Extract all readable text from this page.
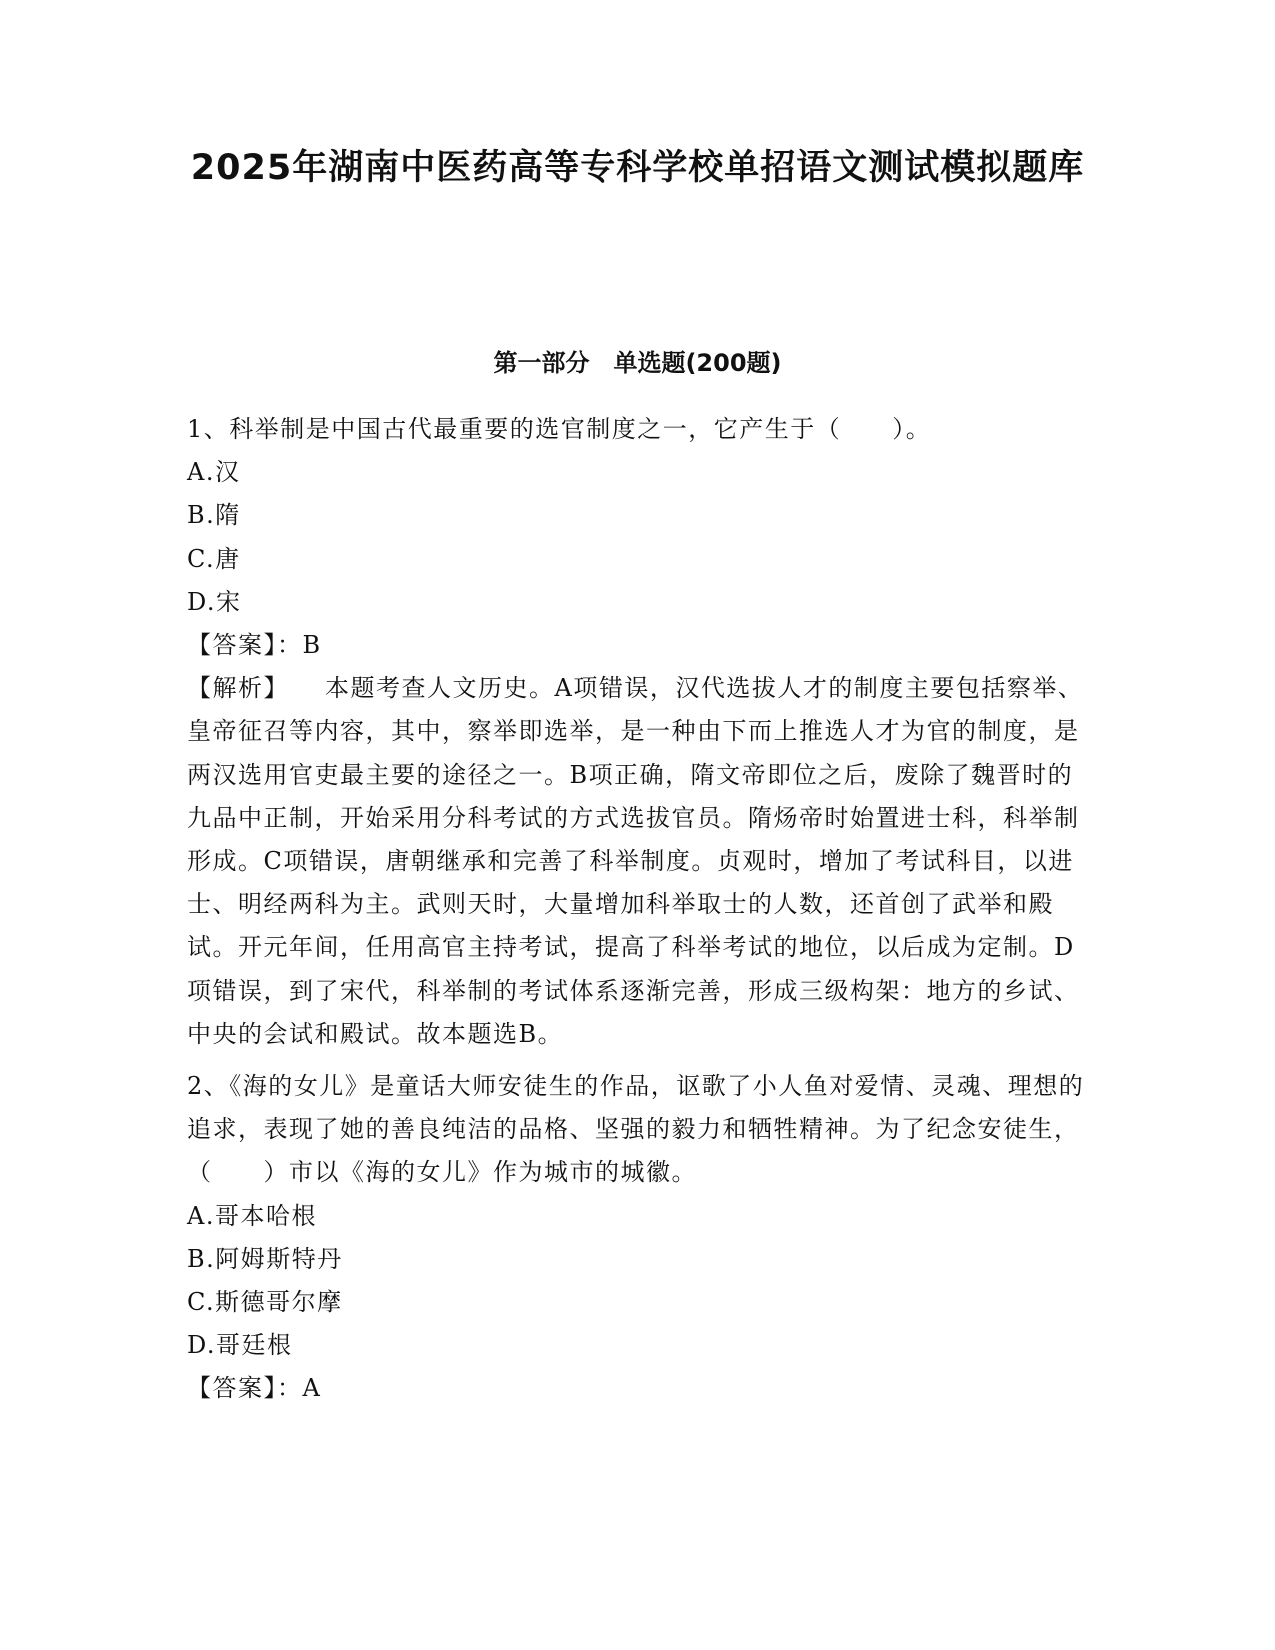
2025年湖南中医药高等专科学校单招语文测试模拟题库
第一部分　单选题(200题)

1、科举制是中国古代最重要的选官制度之一，它产生于（　　）。

A.汉

B.隋

C.唐

D.宋

【答案】：B

【解析】 本题考查人文历史。A项错误，汉代选拔人才的制度主要包括察举、皇帝征召等内容，其中，察举即选举，是一种由下而上推选人才为官的制度，是两汉选用官吏最主要的途径之一。B项正确，隋文帝即位之后，废除了魏晋时的九品中正制，开始采用分科考试的方式选拔官员。隋炀帝时始置进士科，科举制形成。C项错误，唐朝继承和完善了科举制度。贞观时，增加了考试科目，以进士、明经两科为主。武则天时，大量增加科举取士的人数，还首创了武举和殿试。开元年间，任用高官主持考试，提高了科举考试的地位，以后成为定制。D项错误，到了宋代，科举制的考试体系逐渐完善，形成三级构架：地方的乡试、中央的会试和殿试。故本题选B。

2、《海的女儿》是童话大师安徒生的作品，讴歌了小人鱼对爱情、灵魂、理想的追求，表现了她的善良纯洁的品格、坚强的毅力和牺牲精神。为了纪念安徒生，（　　）市以《海的女儿》作为城市的城徽。

A.哥本哈根

B.阿姆斯特丹

C.斯德哥尔摩

D.哥廷根

【答案】：A
